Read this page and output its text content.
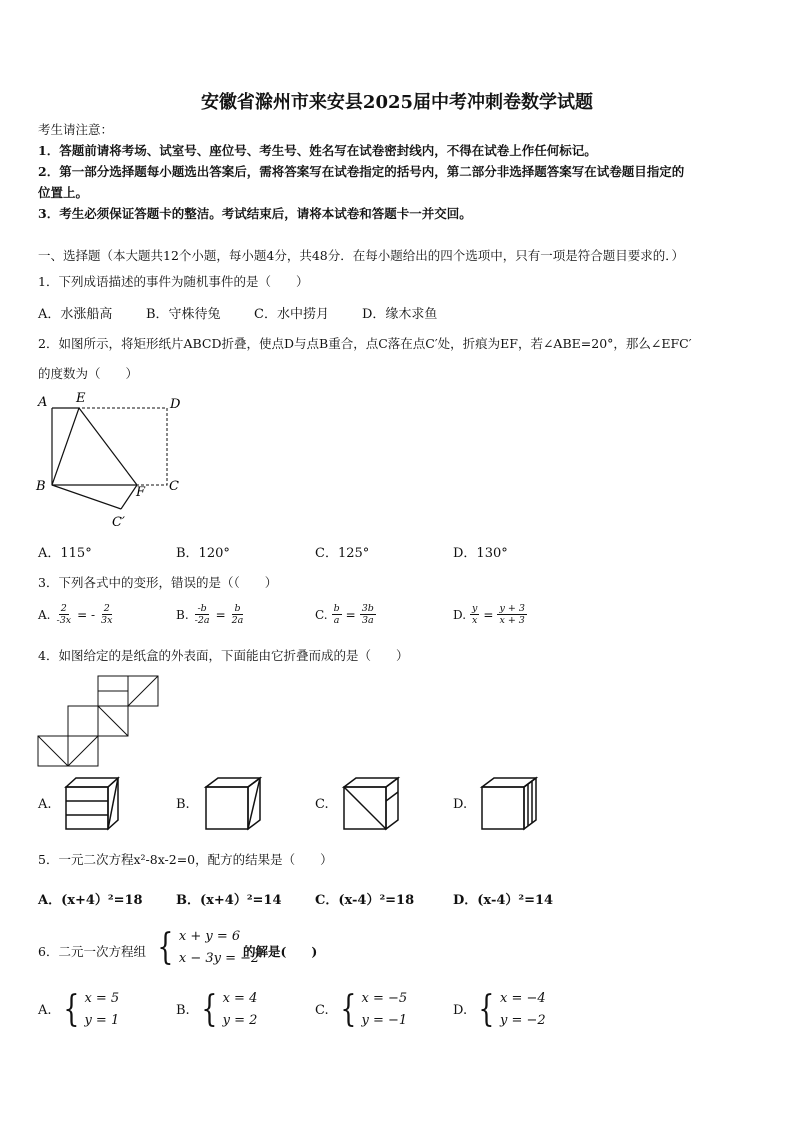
安徽省滁州市来安县2025届中考冲刺卷数学试题
考生请注意：
1．答题前请将考场、试室号、座位号、考生号、姓名写在试卷密封线内，不得在试卷上作任何标记。
2．第一部分选择题每小题选出答案后，需将答案写在试卷指定的括号内，第二部分非选择题答案写在试卷题目指定的
位置上。
3．考生必须保证答题卡的整洁。考试结束后，请将本试卷和答题卡一并交回。
一、选择题（本大题共12个小题，每小题4分，共48分．在每小题给出的四个选项中，只有一项是符合题目要求的．）
1．下列成语描述的事件为随机事件的是（　　）
A．水涨船高	B．守株待兔	C．水中捞月	D．缘木求鱼
2．如图所示，将矩形纸片ABCD折叠，使点D与点B重合，点C落在点C′处，折痕为EF，若∠ABE=20°，那么∠EFC′
的度数为（　　）
A E	D
B	F C
C′
A．115°	B．120°	C．125°	D．130°
3．下列各式中的变形，错误的是（（　　）
A. $\frac{2}{-3x}$ = - $\frac{2}{3x}$	B. $\frac{-b}{-2a} = \frac{b}{2a}$	C. $\frac{b}{a} = \frac{3b}{3a}$	D. $\frac{y}{x} = \frac{y + 3}{x + 3}$
4．如图给定的是纸盒的外表面，下面能由它折叠而成的是（　　）
A.	B.	C.	D.
5．一元二次方程x²-8x-2=0，配方的结果是（　　）
A．(x+4）²=18	B．(x+4）²=14	C．(x-4）²=18	D．(x-4）²=14
6．二元一次方程组 { x + y = 6
x − 3y = −2
的解是(　　)
A. { x = 5
y = 1
B. { x = 4
y = 2
C. { x = −5
y = −1
D. { x = −4
y = −2
